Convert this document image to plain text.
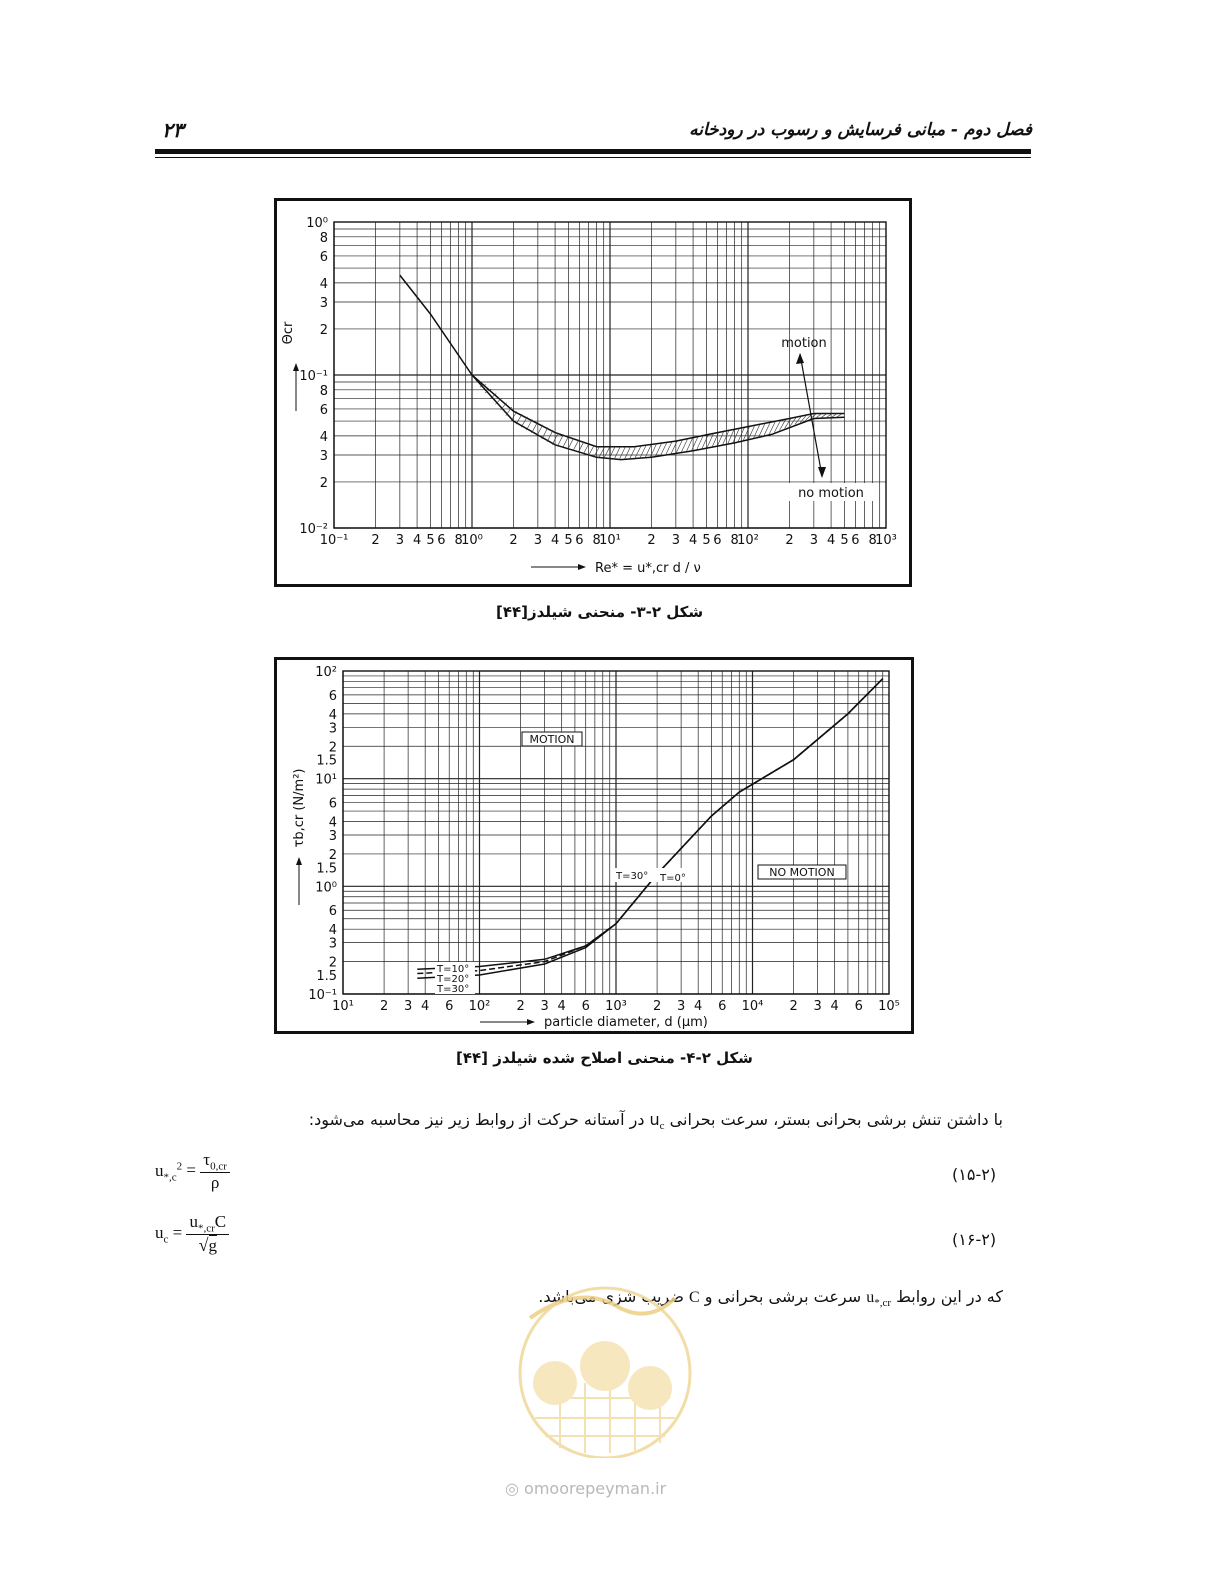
فصل دوم - مبانی فرسایش و رسوب در رودخانه
۲۳
10⁻¹ 2 3 4 5 6 8
10⁰ 2 3 4 5 6 8
10¹ 2 3 4 5 6 8
10² 2 3 4 5 6 8
10³
10⁰
8
6
4
3
2
10⁻¹
8
6
4
3
2
10⁻²
motion
no motion
Θcr
Re* = u*,cr d / ν
شکل ۲-۳- منحنی شیلدز[۴۴]
10¹ 2 3 4 6 10² 2 3 4 6 10³ 2 3 4 6 10⁴ 2 3 4 6 10⁵
10²
6
4
3
2
1.5
10¹
6
4
3
2
1.5
10⁰
6
4
3
2
1.5
10⁻¹
MOTION
NO MOTION
T=30° T=0°
T=10°
T=20°
T=30°
τb,cr (N/m²)
particle diameter, d (μm)
شکل ۲-۴- منحنی اصلاح شده شیلدز [۴۴]
با داشتن تنش برشی بحرانی بستر، سرعت بحرانی $u_c$ در آستانه حرکت از روابط زیر نیز محاسبه می‌شود:
(۱۵-۲)
$u_{*,c}^2 = \frac{\tau_{0,cr}}{\rho}$
(۱۶-۲)
$u_c = \frac{u_{*,cr}C}{√g}$
که در این روابط $u_{*,cr}$ سرعت برشی بحرانی و C ضریب شزی می‌باشد.
◎ omoorepeyman.ir
